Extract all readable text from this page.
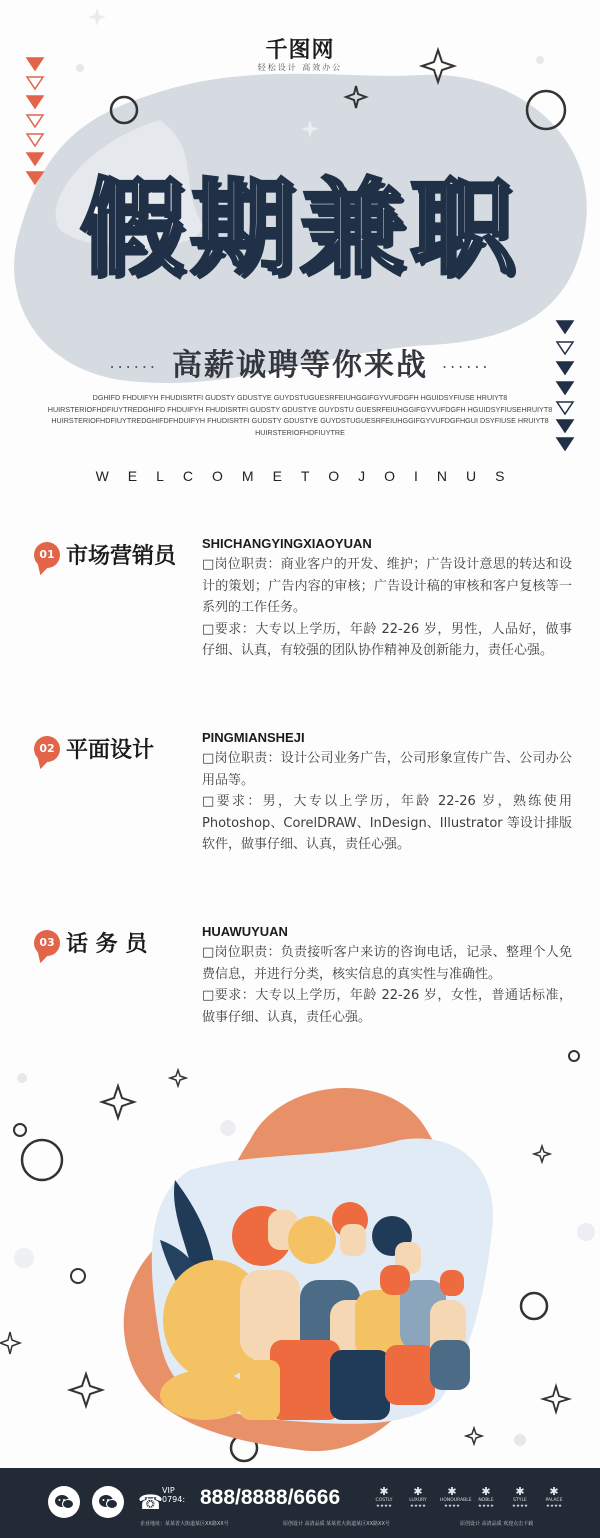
千图网
轻松设计 高效办公
假期兼职
...... 高薪诚聘等你来战 ......
DGHIFD FHDUIFYH FHUDISRTFI GUDSTY GDUSTYE GUYDSTUGUESRFEIUHGGIFGYVUFDGFH HGUIDSYFIUSE HRUIYT8 HUIRSTERIOFHDFIUYTREDGHIFD FHDUIFYH FHUDISRTFI GUDSTY GDUSTYE GUYDSTU GUESRFEIUHGGIFGYVUFDGFH HGUIDSYFIUSEHRUIYT8 HUIRSTERIOFHDFIUYTREDGHIFDFHDUIFYH FHUDISRTFI GUDSTY GDUSTYE GUYDSTUGUESRFEIUHGGIFGYVUFDGFHGUI DSYFIUSE HRUIYT8 HUIRSTERIOFHDFIUYTRE
WELCOMETOJOINUS
01 市场营销员
SHICHANGYINGXIAOYUAN

□岗位职责：商业客户的开发、维护；广告设计意思的转达和设计的策划；广告内容的审核；广告设计稿的审核和客户复核等一系列的工作任务。

□要求：大专以上学历，年龄 22-26 岁，男性，人品好，做事仔细、认真，有较强的团队协作精神及创新能力，责任心强。

02 平面设计
PINGMIANSHEJI

□岗位职责：设计公司业务广告，公司形象宣传广告、公司办公用品等。

□要求：男，大专以上学历，年龄 22-26 岁，熟练使用 Photoshop、CorelDRAW、InDesign、Illustrator 等设计排版软件，做事仔细、认真，责任心强。

03 话 务 员
HUAWUYUAN

□岗位职责：负责接听客户来访的咨询电话，记录、整理个人免费信息，并进行分类，核实信息的真实性与准确性。

□要求：大专以上学历，年龄 22-26 岁，女性，普通话标准，做事仔细、认真，责任心强。

☎ VIP
0794: 888/8888/6666
企业地址：某某省大街道某区XX路XX号	原创设计 高清品质 某某省大街道某区XX路XX号	原创设计 高清品质 欢迎点击下载
✱
COSTLY
★★★★
✱
LUXURY
★★★★
✱
HONOURABLE
★★★★
✱
NOBLE
★★★★
✱
STYLE
★★★★
✱
PALACE
★★★★
